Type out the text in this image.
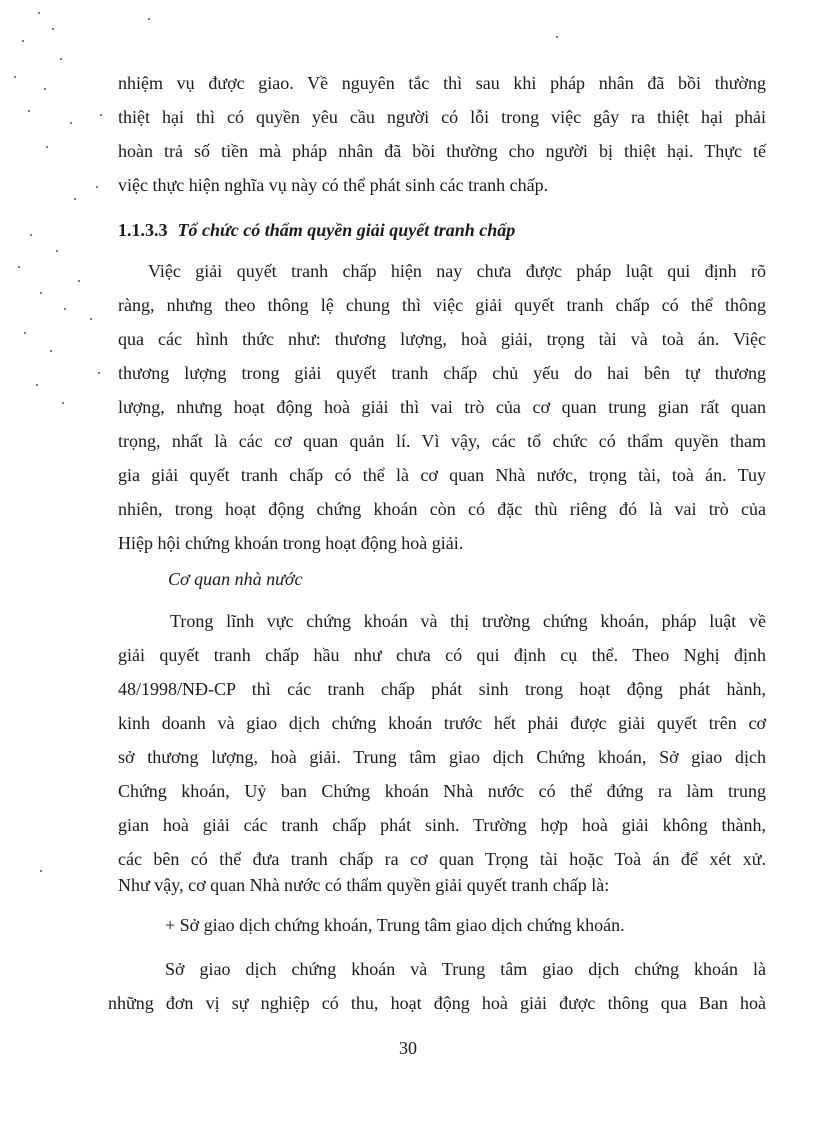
nhiệm vụ được giao. Về nguyên tắc thì sau khi pháp nhân đã bồi thường
thiệt hại thì có quyền yêu cầu người có lỗi trong việc gây ra thiệt hại phải
hoàn trả số tiền mà pháp nhân đã bồi thường cho người bị thiệt hại. Thực tế
việc thực hiện nghĩa vụ này có thể phát sinh các tranh chấp.
1.1.3.3 Tổ chức có thẩm quyền giải quyết tranh chấp
Việc giải quyết tranh chấp hiện nay chưa được pháp luật qui định rõ
ràng, nhưng theo thông lệ chung thì việc giải quyết tranh chấp có thể thông
qua các hình thức như: thương lượng, hoà giải, trọng tài và toà án. Việc
thương lượng trong giải quyết tranh chấp chủ yếu do hai bên tự thương
lượng, nhưng hoạt động hoà giải thì vai trò của cơ quan trung gian rất quan
trọng, nhất là các cơ quan quản lí. Vì vậy, các tổ chức có thẩm quyền tham
gia giải quyết tranh chấp có thể là cơ quan Nhà nước, trọng tài, toà án. Tuy
nhiên, trong hoạt động chứng khoán còn có đặc thù riêng đó là vai trò của
Hiệp hội chứng khoán trong hoạt động hoà giải.
Cơ quan nhà nước
Trong lĩnh vực chứng khoán và thị trường chứng khoán, pháp luật về
giải quyết tranh chấp hầu như chưa có qui định cụ thể. Theo Nghị định
48/1998/NĐ-CP thì các tranh chấp phát sinh trong hoạt động phát hành,
kinh doanh và giao dịch chứng khoán trước hết phải được giải quyết trên cơ
sở thương lượng, hoà giải. Trung tâm giao dịch Chứng khoán, Sở giao dịch
Chứng khoán, Uỷ ban Chứng khoán Nhà nước có thể đứng ra làm trung
gian hoà giải các tranh chấp phát sinh. Trường hợp hoà giải không thành,
các bên có thể đưa tranh chấp ra cơ quan Trọng tài hoặc Toà án để xét xử.
Như vậy, cơ quan Nhà nước có thẩm quyền giải quyết tranh chấp là:
+ Sở giao dịch chứng khoán, Trung tâm giao dịch chứng khoán.
Sở giao dịch chứng khoán và Trung tâm giao dịch chứng khoán là
những đơn vị sự nghiệp có thu, hoạt động hoà giải được thông qua Ban hoà
30
